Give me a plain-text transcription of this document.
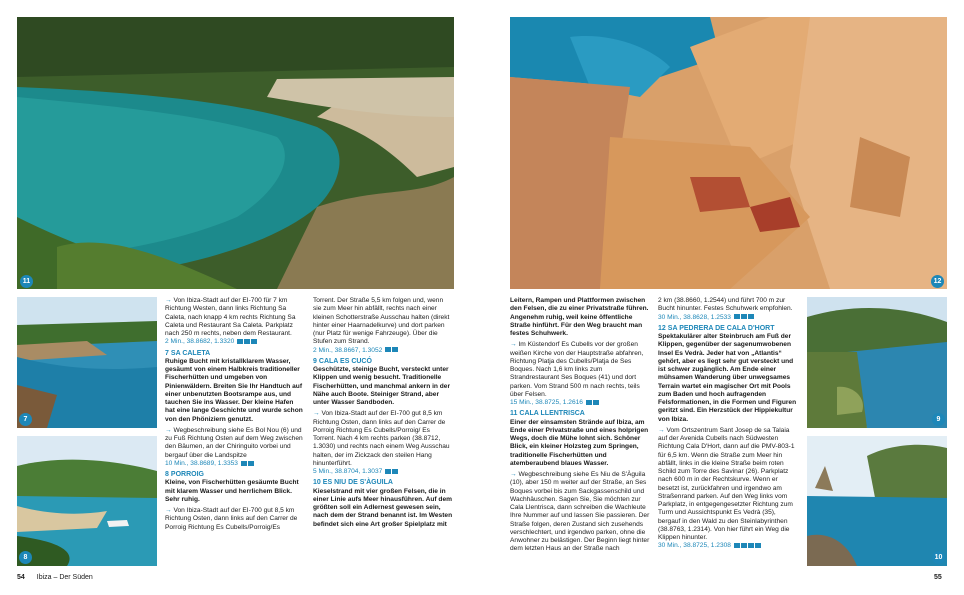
11	12
7
8
9
10

→ Von Ibiza-Stadt auf der EI-700 für 7 km Richtung Westen, dann links Richtung Sa Caleta, nach knapp 4 km rechts Richtung Sa Caleta und Restaurant Sa Caleta. Parkplatz nach 250 m rechts, neben dem Restaurant.
2 Min., 38.8682, 1.3320

7 SA CALETA

Ruhige Bucht mit kristallklarem Wasser, gesäumt von einem Halbkreis traditioneller Fischerhütten und umgeben von Pinienwäldern. Breiten Sie Ihr Handtuch auf einer unbenutzten Bootsrampe aus, und tauchen Sie ins Wasser. Der kleine Hafen hat eine lange Geschichte und wurde schon von den Phöniziern genutzt.

→ Wegbeschreibung siehe Es Bol Nou (6) und zu Fuß Richtung Osten auf dem Weg zwischen den Bäumen, an der Chiringuito vorbei und bergauf über die Landspitze
10 Min., 38.8689, 1.3353

8 PORROIG

Kleine, von Fischerhütten gesäumte Bucht mit klarem Wasser und herrlichem Blick. Sehr ruhig.

→ Von Ibiza-Stadt auf der EI-700 gut 8,5 km Richtung Osten, dann links auf den Carrer de Porroig Richtung Es Cubells/Porroig/Es

Torrent. Der Straße 5,5 km folgen und, wenn sie zum Meer hin abfällt, rechts nach einer kleinen Schotterstraße Ausschau halten (direkt hinter einer Haarnadelkurve) und dort parken (nur Platz für wenige Fahrzeuge). Über die Stufen zum Strand.
2 Min., 38.8667, 1.3052

9 CALA ES CUCÓ

Geschützte, steinige Bucht, versteckt unter Klippen und wenig besucht. Traditionelle Fischerhütten, und manchmal ankern in der Nähe auch Boote. Steiniger Strand, aber unter Wasser Sandboden.

→ Von Ibiza-Stadt auf der EI-700 gut 8,5 km Richtung Osten, dann links auf den Carrer de Porroig Richtung Es Cubells/Porroig/ Es Torrent. Nach 4 km rechts parken (38.8712, 1.3030) und rechts nach einem Weg Ausschau halten, der im Zickzack den steilen Hang hinunterführt.
5 Min., 38.8704, 1.3037

10 ES NIU DE S'ÀGUILA

Kieselstrand mit vier großen Felsen, die in einer Linie aufs Meer hinausführen. Auf dem größten soll ein Adlernest gewesen sein, nach dem der Strand benannt ist. Im Westen befindet sich eine Art großer Spielplatz mit

Leitern, Rampen und Plattformen zwischen den Felsen, die zu einer Privatstraße führen. Angenehm ruhig, weil keine öffentliche Straße hinführt. Für den Weg braucht man festes Schuhwerk.

→ Im Küstendorf Es Cubells vor der großen weißen Kirche von der Hauptstraße abfahren, Richtung Platja des Cubells/Platja de Ses Boques. Nach 1,6 km links zum Strandrestaurant Ses Boques (41) und dort parken. Vom Strand 500 m nach rechts, teils über Felsen.
15 Min., 38.8725, 1.2616

11 CALA LLENTRISCA

Einer der einsamsten Strände auf Ibiza, am Ende einer Privatstraße und eines holprigen Wegs, doch die Mühe lohnt sich. Schöner Blick, ein kleiner Holzsteg zum Springen, traditionelle Fischerhütten und atemberaubend blaues Wasser.

→ Wegbeschreibung siehe Es Niu de S'Àguila (10), aber 150 m weiter auf der Straße, an Ses Boques vorbei bis zum Sackgassenschild und Wachhäuschen. Sagen Sie, Sie möchten zur Cala Llentrisca, dann schreiben die Wachleute Ihre Nummer auf und lassen Sie passieren. Der Straße folgen, deren Zustand sich zusehends verschlechtert, und irgendwo parken, ohne die Anwohner zu belästigen. Der Beginn liegt hinter dem letzten Haus an der Straße nach

2 km (38.8660, 1.2544) und führt 700 m zur Bucht hinunter. Festes Schuhwerk empfohlen.
30 Min., 38.8628, 1.2533

12 SA PEDRERA DE CALA D'HORT

Spektakulärer alter Steinbruch am Fuß der Klippen, gegenüber der sagenumwobenen Insel Es Vedrà. Jeder hat von „Atlantis“ gehört, aber es liegt sehr gut versteckt und ist schwer zugänglich. Am Ende einer mühsamen Wanderung über unwegsames Terrain wartet ein magischer Ort mit Pools zum Baden und hoch aufragenden Felsformationen, in die Formen und Figuren geritzt sind. Ein Herzstück der Hippiekultur von Ibiza.

→ Vom Ortszentrum Sant Josep de sa Talaia auf der Avenida Cubells nach Südwesten Richtung Cala D'Hort, dann auf die PMV-803-1 für 6,5 km. Wenn die Straße zum Meer hin abfällt, links in die kleine Straße beim roten Schild zum Torre des Savinar (26). Parkplatz nach 600 m in der Rechtskurve. Wenn er besetzt ist, zurückfahren und irgendwo am Straßenrand parken. Auf den Weg links vom Parkplatz, in entgegengesetzter Richtung zum Turm und Aussichtspunkt Es Vedrà (35), bergauf in den Wald zu den Steinlabyrinthen (38.8763, 1.2314). Von hier führt ein Weg die Klippen hinunter.
30 Min., 38.8725, 1.2308

54 Ibiza – Der Süden	55
